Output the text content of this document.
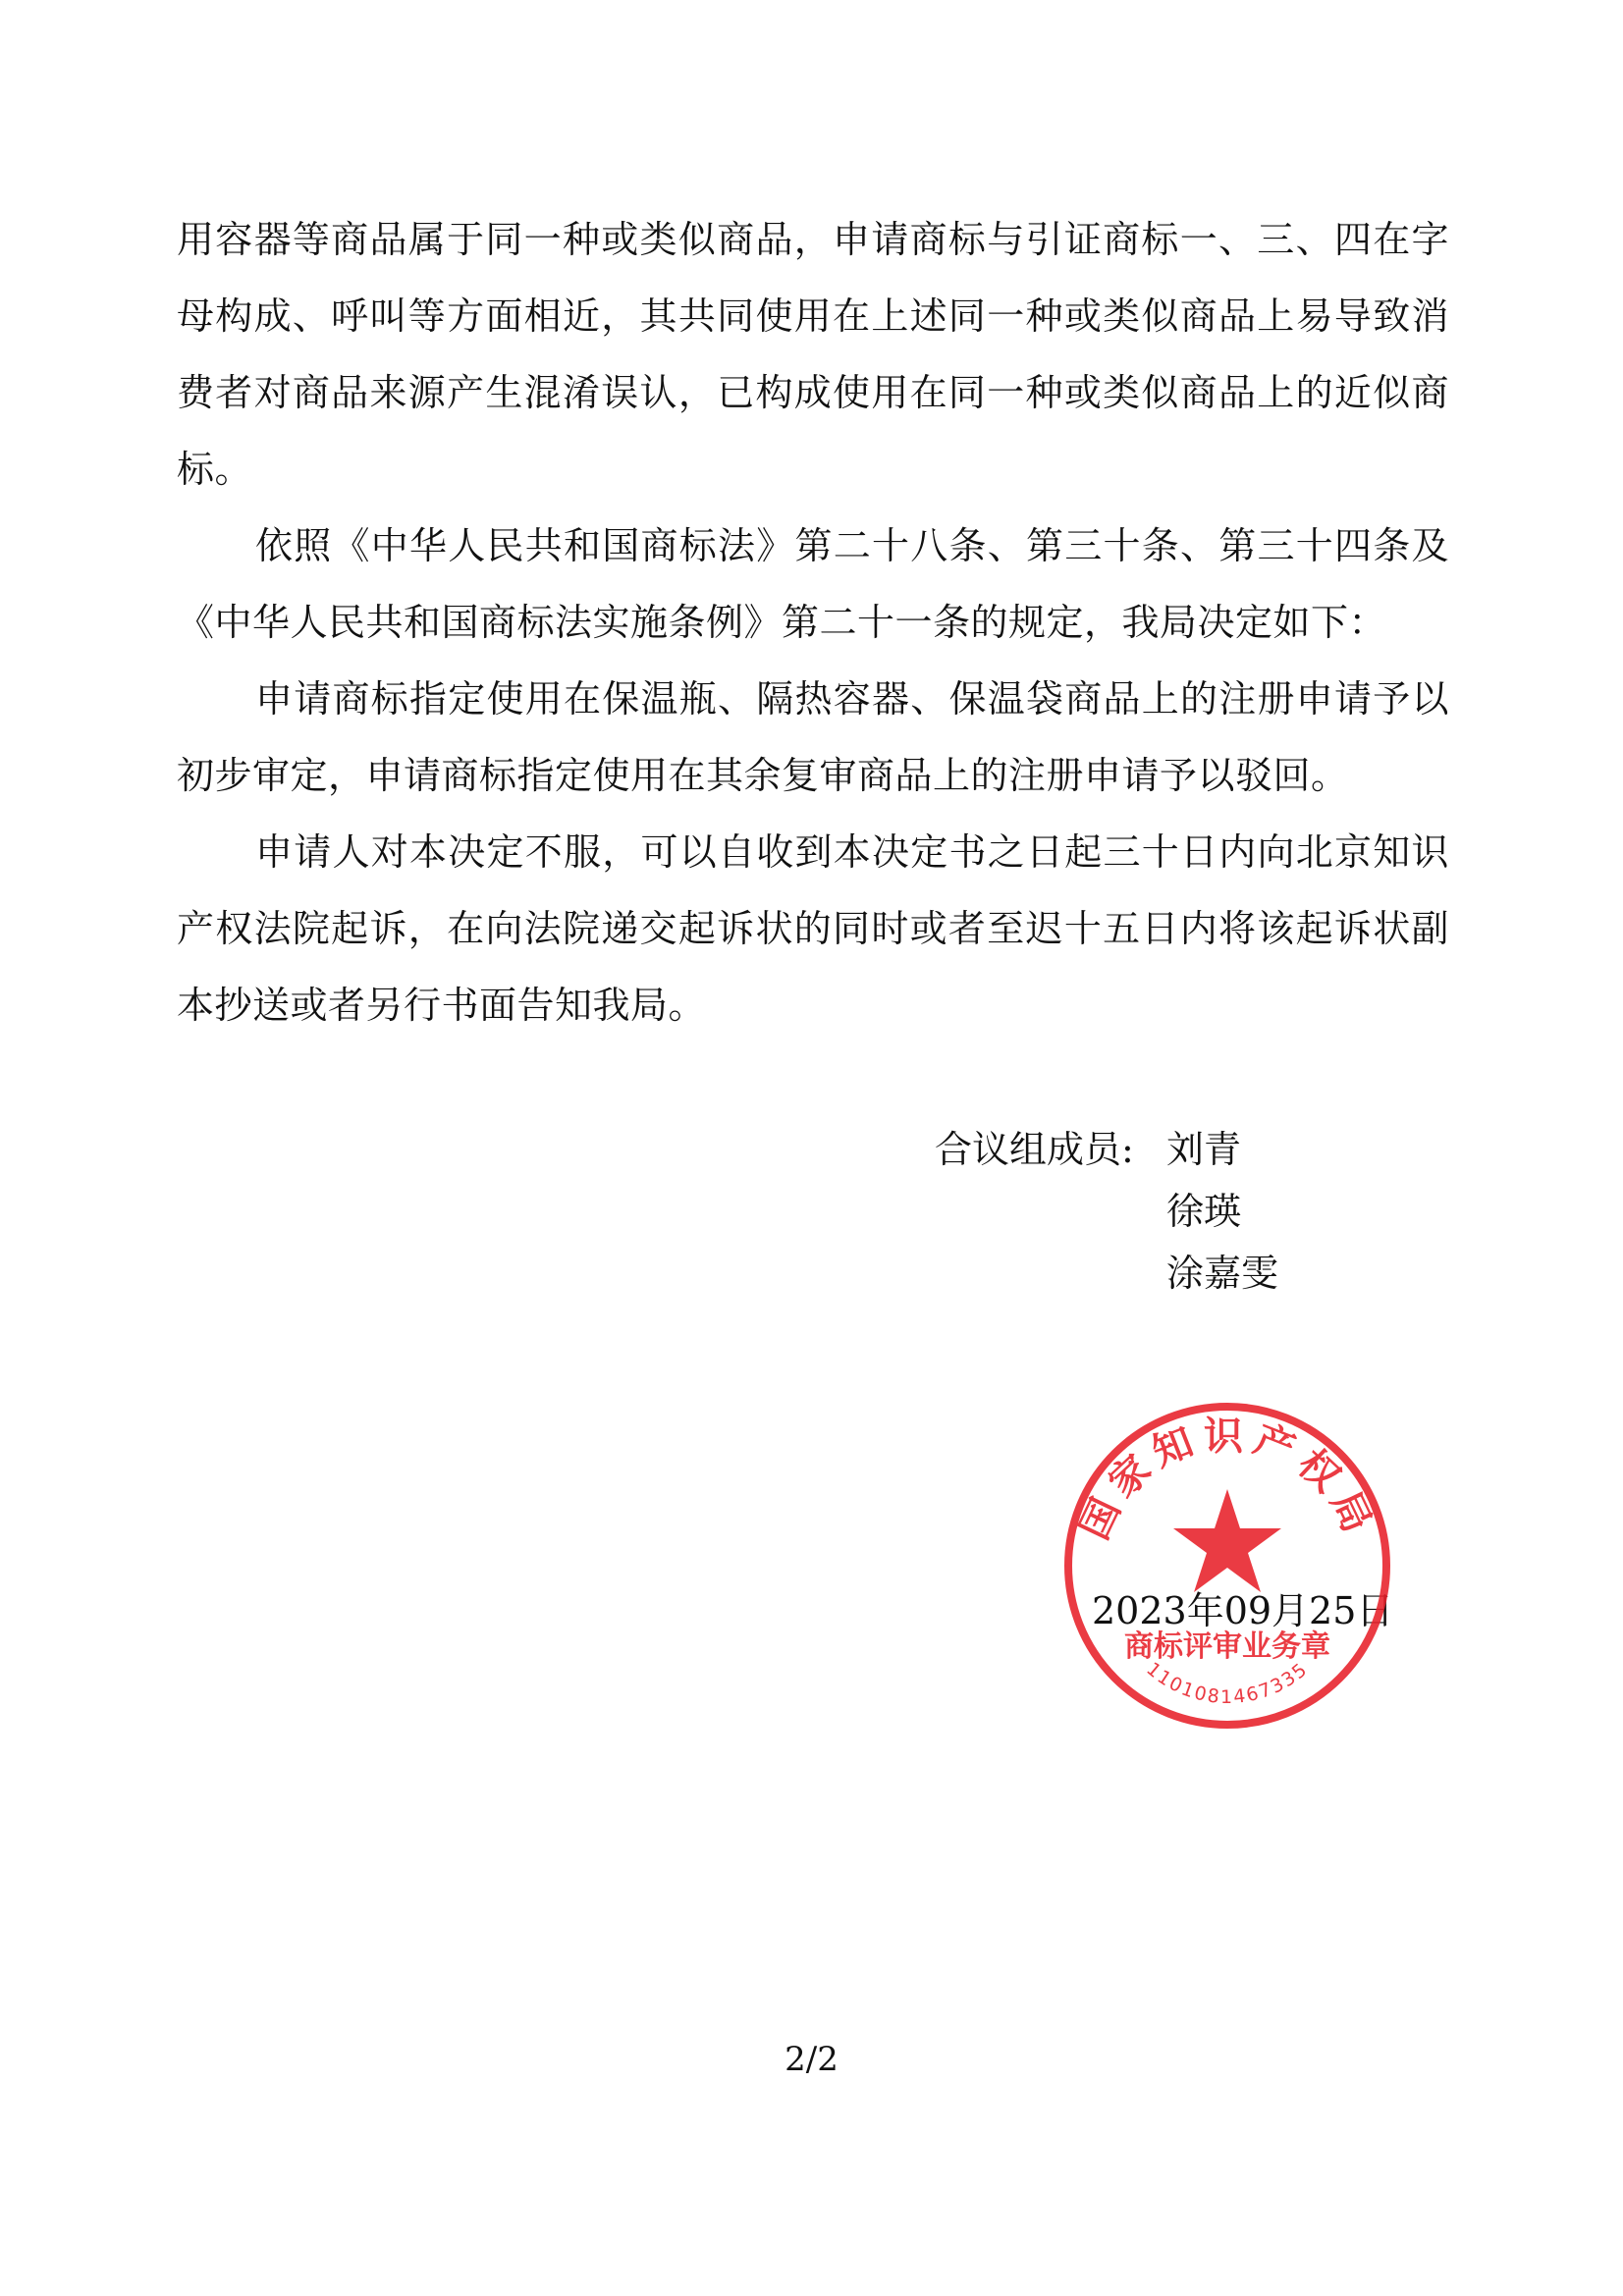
用容器等商品属于同一种或类似商品，申请商标与引证商标一、三、四在字
母构成、呼叫等方面相近，其共同使用在上述同一种或类似商品上易导致消
费者对商品来源产生混淆误认，已构成使用在同一种或类似商品上的近似商
标。
依照《中华人民共和国商标法》第二十八条、第三十条、第三十四条及
《中华人民共和国商标法实施条例》第二十一条的规定，我局决定如下：
申请商标指定使用在保温瓶、隔热容器、保温袋商品上的注册申请予以
初步审定，申请商标指定使用在其余复审商品上的注册申请予以驳回。
申请人对本决定不服，可以自收到本决定书之日起三十日内向北京知识
产权法院起诉，在向法院递交起诉状的同时或者至迟十五日内将该起诉状副
本抄送或者另行书面告知我局。
合议组成员: 刘青
徐瑛
涂嘉雯
2023年09月25日
国家知识产权局
商标评审业务章
1101081467335
2/2
